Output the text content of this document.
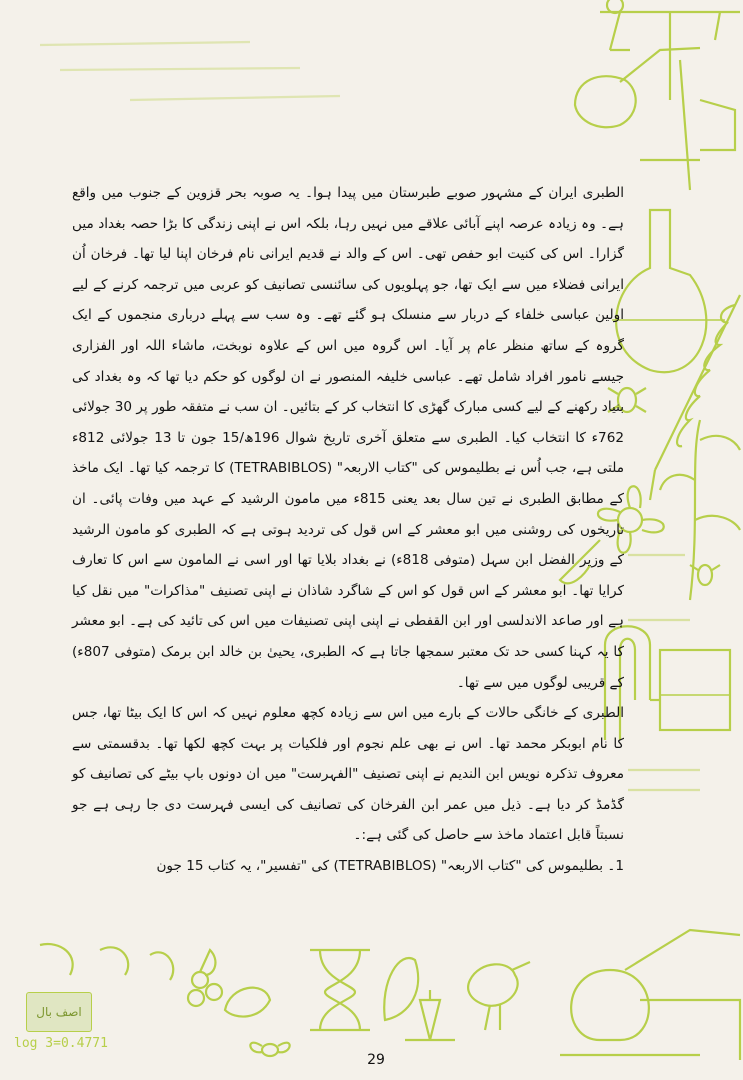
اصف بال
log 3=0.4771

الطبری ایران کے مشہور صوبے طبرستان میں پیدا ہوا۔ یہ صوبہ بحر قزوین کے جنوب میں واقع ہے۔ وہ زیادہ عرصہ اپنے آبائی علاقے میں نہیں رہا، بلکہ اس نے اپنی زندگی کا بڑا حصہ بغداد میں گزارا۔ اس کی کنیت ابو حفص تھی۔ اس کے والد نے قدیم ایرانی نام فرخان اپنا لیا تھا۔ فرخان اُن ایرانی فضلاء میں سے ایک تھا، جو پہلویوں کی سائنسی تصانیف کو عربی میں ترجمہ کرنے کے لیے اولین عباسی خلفاء کے دربار سے منسلک ہو گئے تھے۔ وہ سب سے پہلے درباری منجموں کے ایک گروہ کے ساتھ منظر عام پر آیا۔ اس گروہ میں اس کے علاوہ نوبخت، ماشاء اللہ اور الفزاری جیسے نامور افراد شامل تھے۔ عباسی خلیفہ المنصور نے ان لوگوں کو حکم دیا تھا کہ وہ بغداد کی بنیاد رکھنے کے لیے کسی مبارک گھڑی کا انتخاب کر کے بتائیں۔ ان سب نے متفقہ طور پر 30 جولائی 762ء کا انتخاب کیا۔ الطبری سے متعلق آخری تاریخ شوال 196ھ/15 جون تا 13 جولائی 812ء ملتی ہے، جب اُس نے بطلیموس کی "کتاب الاربعہ" (TETRABIBLOS) کا ترجمہ کیا تھا۔ ایک ماخذ کے مطابق الطبری نے تین سال بعد یعنی 815ء میں مامون الرشید کے عہد میں وفات پائی۔ ان تاریخوں کی روشنی میں ابو معشر کے اس قول کی تردید ہوتی ہے کہ الطبری کو مامون الرشید کے وزیر الفضل ابن سہل (متوفی 818ء) نے بغداد بلایا تھا اور اسی نے المامون سے اس کا تعارف کرایا تھا۔ ابو معشر کے اس قول کو اس کے شاگرد شاذان نے اپنی تصنیف "مذاکرات" میں نقل کیا ہے اور صاعد الاندلسی اور ابن القفطی نے اپنی اپنی تصنیفات میں اس کی تائید کی ہے۔ ابو معشر کا یہ کہنا کسی حد تک معتبر سمجھا جاتا ہے کہ الطبری، یحییٰ بن خالد ابن برمک (متوفی 807ء) کے قریبی لوگوں میں سے تھا۔

الطبری کے خانگی حالات کے بارے میں اس سے زیادہ کچھ معلوم نہیں کہ اس کا ایک بیٹا تھا، جس کا نام ابوبکر محمد تھا۔ اس نے بھی علم نجوم اور فلکیات پر بہت کچھ لکھا تھا۔ بدقسمتی سے معروف تذکرہ نویس ابن الندیم نے اپنی تصنیف "الفہرست" میں ان دونوں باپ بیٹے کی تصانیف کو گڈمڈ کر دیا ہے۔ ذیل میں عمر ابن الفرخان کی تصانیف کی ایسی فہرست دی جا رہی ہے جو نسبتاً قابل اعتماد ماخذ سے حاصل کی گئی ہے:۔

1۔ بطلیموس کی "کتاب الاربعہ" (TETRABIBLOS) کی "تفسیر"، یہ کتاب 15 جون

29
